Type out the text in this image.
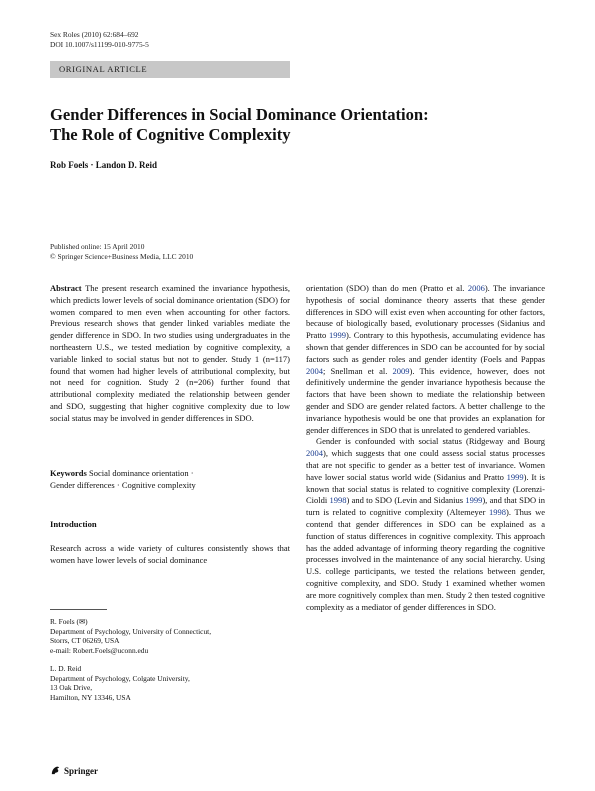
Sex Roles (2010) 62:684–692
DOI 10.1007/s11199-010-9775-5
ORIGINAL ARTICLE
Gender Differences in Social Dominance Orientation:
The Role of Cognitive Complexity
Rob Foels · Landon D. Reid
Published online: 15 April 2010
© Springer Science+Business Media, LLC 2010

Abstract The present research examined the invariance hypothesis, which predicts lower levels of social dominance orientation (SDO) for women compared to men even when accounting for other factors. Previous research shows that gender linked variables mediate the gender difference in SDO. In two studies using undergraduates in the northeastern U.S., we tested mediation by cognitive complexity, a variable linked to social status but not to gender. Study 1 (n=117) found that women had higher levels of attributional complexity, but not need for cognition. Study 2 (n=206) further found that attributional complexity mediated the relationship between gender and SDO, suggesting that higher cognitive complexity due to low social status may be involved in gender differences in SDO.

Keywords Social dominance orientation ·
Gender differences · Cognitive complexity
Introduction
Research across a wide variety of cultures consistently shows that women have lower levels of social dominance
R. Foels (✉)
Department of Psychology, University of Connecticut,
Storrs, CT 06269, USA
e-mail: Robert.Foels@uconn.edu
L. D. Reid
Department of Psychology, Colgate University,
13 Oak Drive,
Hamilton, NY 13346, USA

orientation (SDO) than do men (Pratto et al. 2006). The invariance hypothesis of social dominance theory asserts that these gender differences in SDO will exist even when accounting for other factors, because of biologically based, evolutionary processes (Sidanius and Pratto 1999). Contrary to this hypothesis, accumulating evidence has shown that gender differences in SDO can be accounted for by social factors such as gender roles and gender identity (Foels and Pappas 2004; Snellman et al. 2009). This evidence, however, does not definitively undermine the gender invariance hypothesis because the factors that have been shown to mediate the relationship between gender and SDO are gender related factors. A better challenge to the invariance hypothesis would be one that provides an explanation for gender differences in SDO that is unrelated to gendered variables.

Gender is confounded with social status (Ridgeway and Bourg 2004), which suggests that one could assess social status processes that are not specific to gender as a better test of invariance. Women have lower social status world wide (Sidanius and Pratto 1999). It is known that social status is related to cognitive complexity (Lorenzi-Cioldi 1998) and to SDO (Levin and Sidanius 1999), and that SDO in turn is related to cognitive complexity (Altemeyer 1998). Thus we contend that gender differences in SDO can be explained as a function of status differences in cognitive complexity. This approach has the added advantage of informing theory regarding the cognitive processes involved in the maintenance of any social hierarchy. Using U.S. college participants, we tested the relations between gender, cognitive complexity, and SDO. Study 1 examined whether women are more cognitively complex than men. Study 2 then tested cognitive complexity as a mediator of gender differences in SDO.

Springer
